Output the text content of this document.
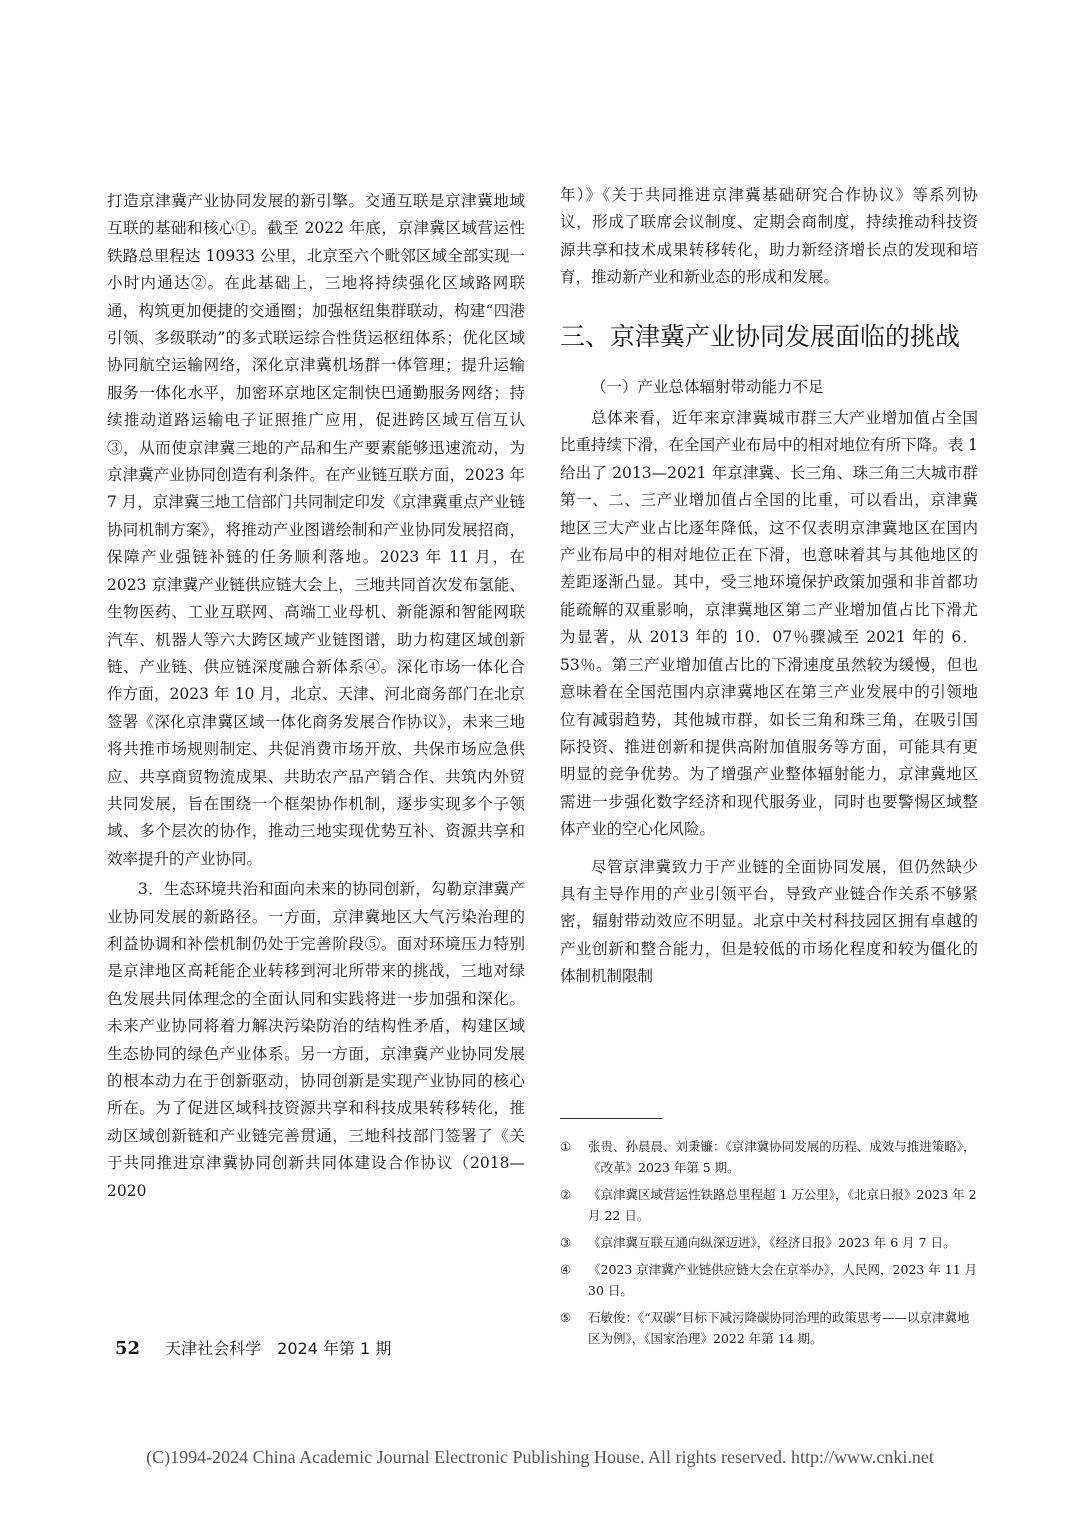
打造京津冀产业协同发展的新引擎。交通互联是京津冀地域互联的基础和核心①。截至 2022 年底，京津冀区域营运性铁路总里程达 10933 公里，北京至六个毗邻区域全部实现一小时内通达②。在此基础上，三地将持续强化区域路网联通，构筑更加便捷的交通圈；加强枢纽集群联动，构建“四港引领、多级联动”的多式联运综合性货运枢纽体系；优化区域协同航空运输网络，深化京津冀机场群一体管理；提升运输服务一体化水平，加密环京地区定制快巴通勤服务网络；持续推动道路运输电子证照推广应用，促进跨区域互信互认③，从而使京津冀三地的产品和生产要素能够迅速流动，为京津冀产业协同创造有利条件。在产业链互联方面，2023 年 7 月，京津冀三地工信部门共同制定印发《京津冀重点产业链协同机制方案》，将推动产业图谱绘制和产业协同发展招商，保障产业强链补链的任务顺利落地。2023 年 11 月，在 2023 京津冀产业链供应链大会上，三地共同首次发布氢能、生物医药、工业互联网、高端工业母机、新能源和智能网联汽车、机器人等六大跨区域产业链图谱，助力构建区域创新链、产业链、供应链深度融合新体系④。深化市场一体化合作方面，2023 年 10 月，北京、天津、河北商务部门在北京签署《深化京津冀区域一体化商务发展合作协议》，未来三地将共推市场规则制定、共促消费市场开放、共保市场应急供应、共享商贸物流成果、共助农产品产销合作、共筑内外贸共同发展，旨在围绕一个框架协作机制，逐步实现多个子领域、多个层次的协作，推动三地实现优势互补、资源共享和效率提升的产业协同。

3．生态环境共治和面向未来的协同创新，勾勒京津冀产业协同发展的新路径。一方面，京津冀地区大气污染治理的利益协调和补偿机制仍处于完善阶段⑤。面对环境压力特别是京津地区高耗能企业转移到河北所带来的挑战，三地对绿色发展共同体理念的全面认同和实践将进一步加强和深化。未来产业协同将着力解决污染防治的结构性矛盾，构建区域生态协同的绿色产业体系。另一方面，京津冀产业协同发展的根本动力在于创新驱动，协同创新是实现产业协同的核心所在。为了促进区域科技资源共享和科技成果转移转化，推动区域创新链和产业链完善贯通，三地科技部门签署了《关于共同推进京津冀协同创新共同体建设合作协议（2018—2020

年）》《关于共同推进京津冀基础研究合作协议》等系列协议，形成了联席会议制度、定期会商制度，持续推动科技资源共享和技术成果转移转化，助力新经济增长点的发现和培育，推动新产业和新业态的形成和发展。

三、京津冀产业协同发展面临的挑战
（一）产业总体辐射带动能力不足

总体来看，近年来京津冀城市群三大产业增加值占全国比重持续下滑，在全国产业布局中的相对地位有所下降。表 1 给出了 2013—2021 年京津冀、长三角、珠三角三大城市群第一、二、三产业增加值占全国的比重，可以看出，京津冀地区三大产业占比逐年降低，这不仅表明京津冀地区在国内产业布局中的相对地位正在下滑，也意味着其与其他地区的差距逐渐凸显。其中，受三地环境保护政策加强和非首都功能疏解的双重影响，京津冀地区第二产业增加值占比下滑尤为显著，从 2013 年的 10．07％骤减至 2021 年的 6．53％。第三产业增加值占比的下滑速度虽然较为缓慢，但也意味着在全国范围内京津冀地区在第三产业发展中的引领地位有减弱趋势，其他城市群，如长三角和珠三角，在吸引国际投资、推进创新和提供高附加值服务等方面，可能具有更明显的竞争优势。为了增强产业整体辐射能力，京津冀地区需进一步强化数字经济和现代服务业，同时也要警惕区域整体产业的空心化风险。

尽管京津冀致力于产业链的全面协同发展，但仍然缺少具有主导作用的产业引领平台，导致产业链合作关系不够紧密，辐射带动效应不明显。北京中关村科技园区拥有卓越的产业创新和整合能力，但是较低的市场化程度和较为僵化的体制机制限制

① 张贵、孙晨晨、刘秉镰：《京津冀协同发展的历程、成效与推进策略》，《改革》2023 年第 5 期。
② 《京津冀区域营运性铁路总里程超 1 万公里》，《北京日报》2023 年 2 月 22 日。
③ 《京津冀互联互通向纵深迈进》，《经济日报》2023 年 6 月 7 日。
④ 《2023 京津冀产业链供应链大会在京举办》，人民网，2023 年 11 月 30 日。
⑤ 石敏俊：《“双碳”目标下减污降碳协同治理的政策思考——以京津冀地区为例》，《国家治理》2022 年第 14 期。
52 天津社会科学　2024 年第 1 期
(C)1994-2024 China Academic Journal Electronic Publishing House. All rights reserved. http://www.cnki.net
